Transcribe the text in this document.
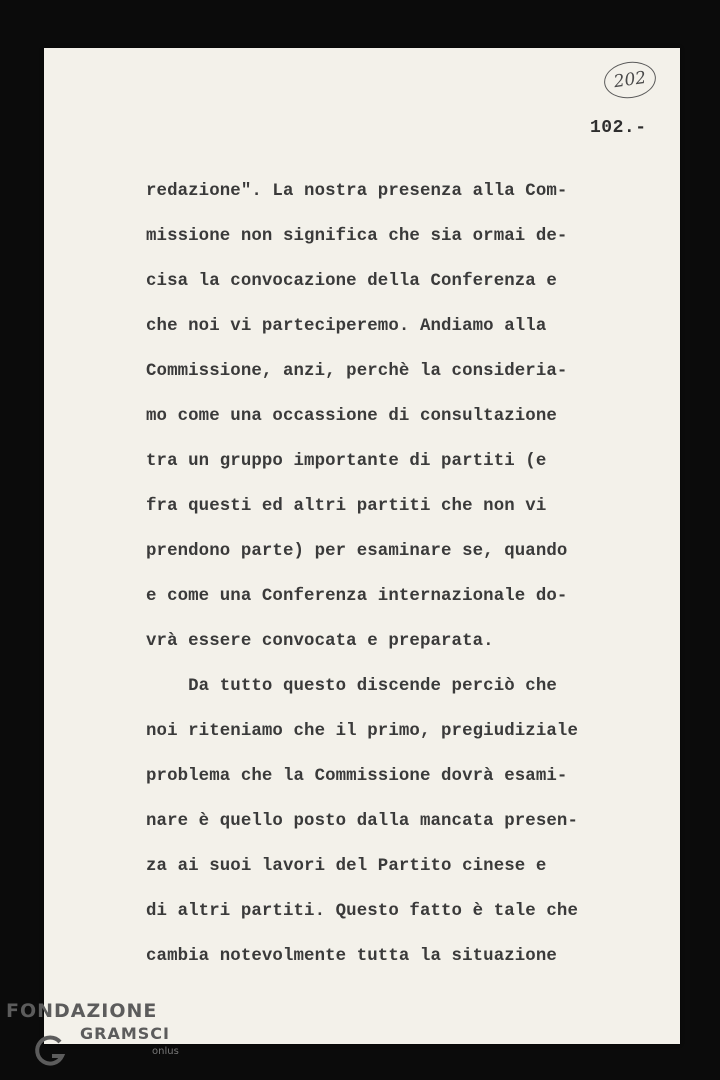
202
102.-
redazione". La nostra presenza alla Com-
missione non significa che sia ormai de-
cisa la convocazione della Conferenza e
che noi vi parteciperemo. Andiamo alla
Commissione, anzi, perchè la consideria-
mo come una occassione di consultazione
tra un gruppo importante di partiti (e
fra questi ed altri partiti che non vi
prendono parte) per esaminare se, quando
e come una Conferenza internazionale do-
vrà essere convocata e preparata.
Da tutto questo discende perciò che
noi riteniamo che il primo, pregiudiziale
problema che la Commissione dovrà esami-
nare è quello posto dalla mancata presen-
za ai suoi lavori del Partito cinese e
di altri partiti. Questo fatto è tale che
cambia notevolmente tutta la situazione
FONDAZIONE
GRAMSCI
onlus
